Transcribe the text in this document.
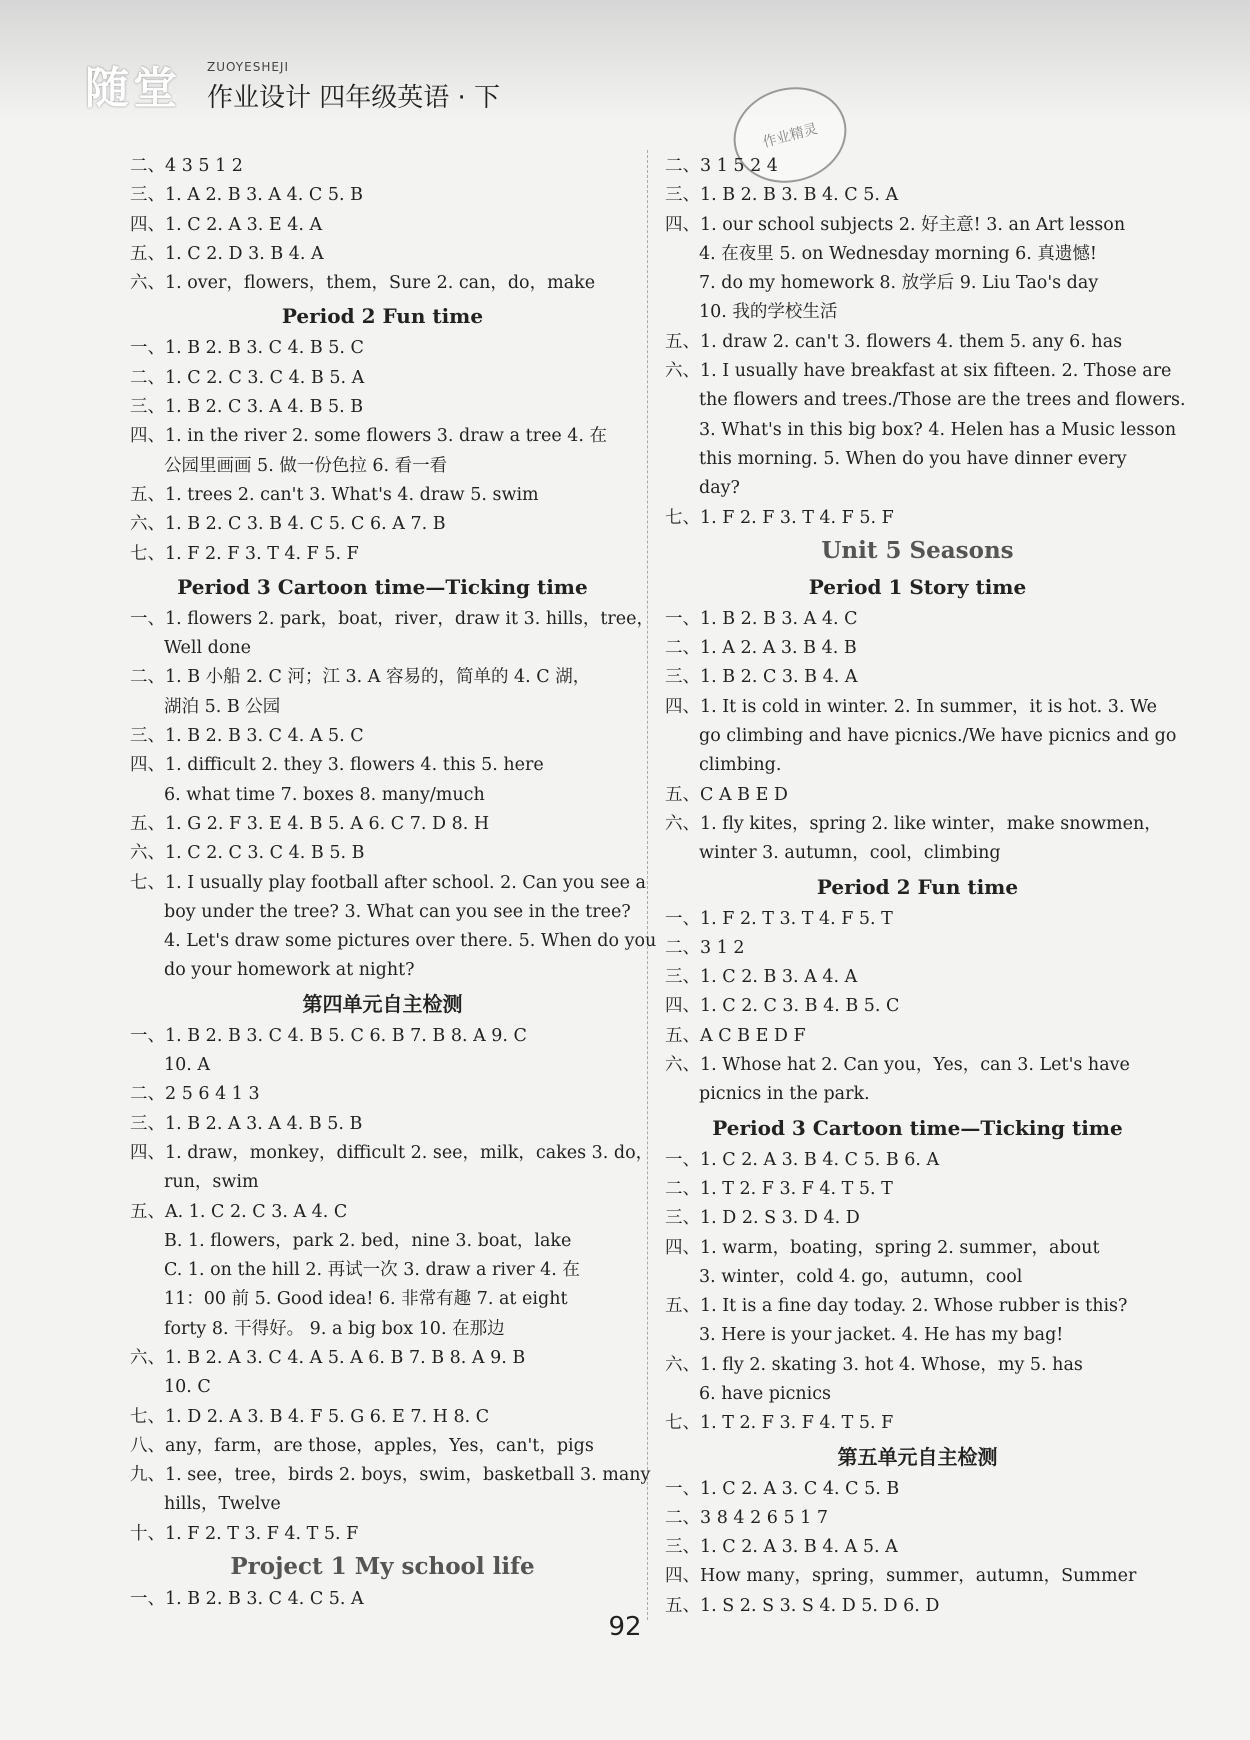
随堂 ZUOYESHEJI
作业设计 四年级英语 · 下
作业精灵
二、4 3 5 1 2
三、1. A 2. B 3. A 4. C 5. B
四、1. C 2. A 3. E 4. A
五、1. C 2. D 3. B 4. A
六、1. over，flowers，them，Sure 2. can，do，make
Period 2 Fun time
一、1. B 2. B 3. C 4. B 5. C
二、1. C 2. C 3. C 4. B 5. A
三、1. B 2. C 3. A 4. B 5. B
四、1. in the river 2. some flowers 3. draw a tree 4. 在
公园里画画 5. 做一份色拉 6. 看一看
五、1. trees 2. can't 3. What's 4. draw 5. swim
六、1. B 2. C 3. B 4. C 5. C 6. A 7. B
七、1. F 2. F 3. T 4. F 5. F
Period 3 Cartoon time—Ticking time
一、1. flowers 2. park，boat，river，draw it 3. hills，tree，
Well done
二、1. B 小船 2. C 河；江 3. A 容易的，简单的 4. C 湖，
湖泊 5. B 公园
三、1. B 2. B 3. C 4. A 5. C
四、1. difficult 2. they 3. flowers 4. this 5. here
6. what time 7. boxes 8. many/much
五、1. G 2. F 3. E 4. B 5. A 6. C 7. D 8. H
六、1. C 2. C 3. C 4. B 5. B
七、1. I usually play football after school. 2. Can you see a
boy under the tree? 3. What can you see in the tree?
4. Let's draw some pictures over there. 5. When do you
do your homework at night?
第四单元自主检测
一、1. B 2. B 3. C 4. B 5. C 6. B 7. B 8. A 9. C
10. A
二、2 5 6 4 1 3
三、1. B 2. A 3. A 4. B 5. B
四、1. draw，monkey，difficult 2. see，milk，cakes 3. do，
run，swim
五、A. 1. C 2. C 3. A 4. C
B. 1. flowers，park 2. bed，nine 3. boat，lake
C. 1. on the hill 2. 再试一次 3. draw a river 4. 在
11：00 前 5. Good idea! 6. 非常有趣 7. at eight
forty 8. 干得好。 9. a big box 10. 在那边
六、1. B 2. A 3. C 4. A 5. A 6. B 7. B 8. A 9. B
10. C
七、1. D 2. A 3. B 4. F 5. G 6. E 7. H 8. C
八、any，farm，are those，apples，Yes，can't，pigs
九、1. see，tree，birds 2. boys，swim，basketball 3. many
hills，Twelve
十、1. F 2. T 3. F 4. T 5. F
Project 1 My school life
一、1. B 2. B 3. C 4. C 5. A
二、3 1 5 2 4
三、1. B 2. B 3. B 4. C 5. A
四、1. our school subjects 2. 好主意! 3. an Art lesson
4. 在夜里 5. on Wednesday morning 6. 真遗憾!
7. do my homework 8. 放学后 9. Liu Tao's day
10. 我的学校生活
五、1. draw 2. can't 3. flowers 4. them 5. any 6. has
六、1. I usually have breakfast at six fifteen. 2. Those are
the flowers and trees./Those are the trees and flowers.
3. What's in this big box? 4. Helen has a Music lesson
this morning. 5. When do you have dinner every
day?
七、1. F 2. F 3. T 4. F 5. F
Unit 5 Seasons
Period 1 Story time
一、1. B 2. B 3. A 4. C
二、1. A 2. A 3. B 4. B
三、1. B 2. C 3. B 4. A
四、1. It is cold in winter. 2. In summer，it is hot. 3. We
go climbing and have picnics./We have picnics and go
climbing.
五、C A B E D
六、1. fly kites，spring 2. like winter，make snowmen，
winter 3. autumn，cool，climbing
Period 2 Fun time
一、1. F 2. T 3. T 4. F 5. T
二、3 1 2
三、1. C 2. B 3. A 4. A
四、1. C 2. C 3. B 4. B 5. C
五、A C B E D F
六、1. Whose hat 2. Can you，Yes，can 3. Let's have
picnics in the park.
Period 3 Cartoon time—Ticking time
一、1. C 2. A 3. B 4. C 5. B 6. A
二、1. T 2. F 3. F 4. T 5. T
三、1. D 2. S 3. D 4. D
四、1. warm，boating，spring 2. summer，about
3. winter，cold 4. go，autumn，cool
五、1. It is a fine day today. 2. Whose rubber is this?
3. Here is your jacket. 4. He has my bag!
六、1. fly 2. skating 3. hot 4. Whose，my 5. has
6. have picnics
七、1. T 2. F 3. F 4. T 5. F
第五单元自主检测
一、1. C 2. A 3. C 4. C 5. B
二、3 8 4 2 6 5 1 7
三、1. C 2. A 3. B 4. A 5. A
四、How many，spring，summer，autumn，Summer
五、1. S 2. S 3. S 4. D 5. D 6. D
92
